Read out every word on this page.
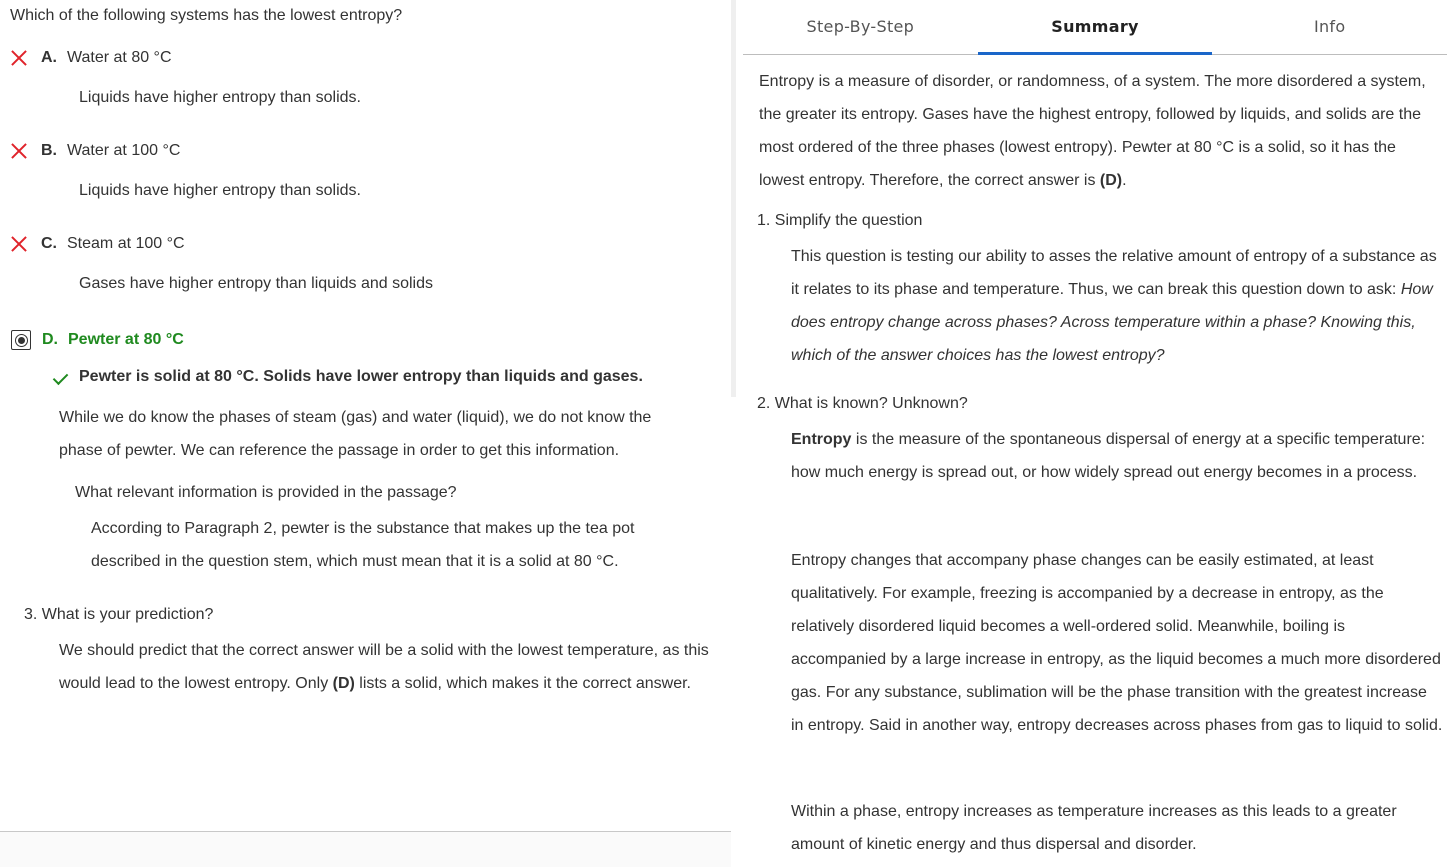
Which of the following systems has the lowest entropy?
A. Water at 80 °C
Liquids have higher entropy than solids.
B. Water at 100 °C
Liquids have higher entropy than solids.
C. Steam at 100 °C
Gases have higher entropy than liquids and solids
D. Pewter at 80 °C
Pewter is solid at 80 °C. Solids have lower entropy than liquids and gases.
While we do know the phases of steam (gas) and water (liquid), we do not know the phase of pewter. We can reference the passage in order to get this information.
What relevant information is provided in the passage?
According to Paragraph 2, pewter is the substance that makes up the tea pot described in the question stem, which must mean that it is a solid at 80 °C.
3. What is your prediction?
We should predict that the correct answer will be a solid with the lowest temperature, as this would lead to the lowest entropy. Only (D) lists a solid, which makes it the correct answer.
Step-By-Step	Summary	Info
Entropy is a measure of disorder, or randomness, of a system. The more disordered a system, the greater its entropy. Gases have the highest entropy, followed by liquids, and solids are the most ordered of the three phases (lowest entropy). Pewter at 80 °C is a solid, so it has the lowest entropy. Therefore, the correct answer is (D).
1. Simplify the question
This question is testing our ability to asses the relative amount of entropy of a substance as it relates to its phase and temperature. Thus, we can break this question down to ask: How does entropy change across phases? Across temperature within a phase? Knowing this, which of the answer choices has the lowest entropy?
2. What is known? Unknown?
Entropy is the measure of the spontaneous dispersal of energy at a specific temperature: how much energy is spread out, or how widely spread out energy becomes in a process.
Entropy changes that accompany phase changes can be easily estimated, at least qualitatively. For example, freezing is accompanied by a decrease in entropy, as the relatively disordered liquid becomes a well-ordered solid. Meanwhile, boiling is accompanied by a large increase in entropy, as the liquid becomes a much more disordered gas. For any substance, sublimation will be the phase transition with the greatest increase in entropy. Said in another way, entropy decreases across phases from gas to liquid to solid.
Within a phase, entropy increases as temperature increases as this leads to a greater amount of kinetic energy and thus dispersal and disorder.
